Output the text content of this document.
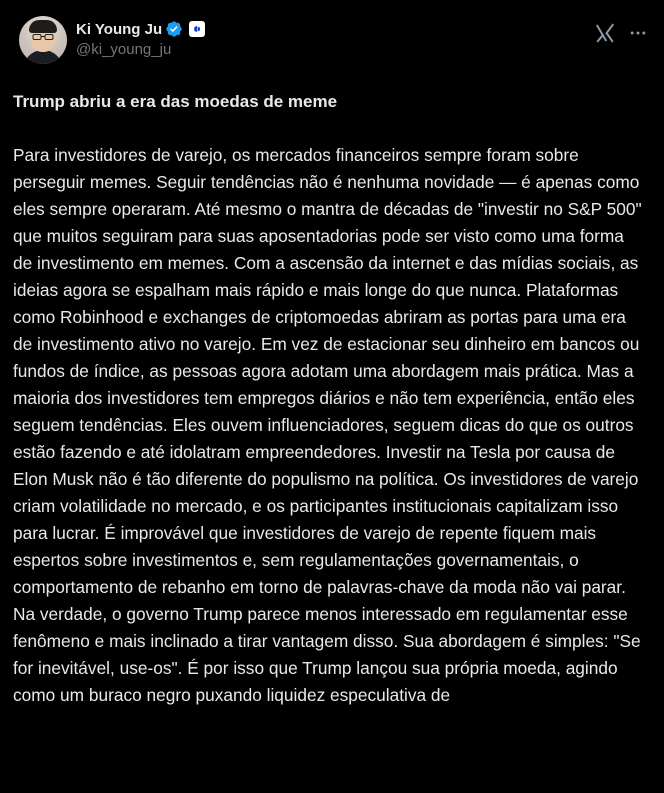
Ki Young Ju
@ki_young_ju

Trump abriu a era das moedas de meme

Para investidores de varejo, os mercados financeiros sempre foram sobre perseguir memes. Seguir tendências não é nenhuma novidade — é apenas como eles sempre operaram. Até mesmo o mantra de décadas de "investir no S&P 500" que muitos seguiram para suas aposentadorias pode ser visto como uma forma de investimento em memes. Com a ascensão da internet e das mídias sociais, as ideias agora se espalham mais rápido e mais longe do que nunca. Plataformas como Robinhood e exchanges de criptomoedas abriram as portas para uma era de investimento ativo no varejo. Em vez de estacionar seu dinheiro em bancos ou fundos de índice, as pessoas agora adotam uma abordagem mais prática. Mas a maioria dos investidores tem empregos diários e não tem experiência, então eles seguem tendências. Eles ouvem influenciadores, seguem dicas do que os outros estão fazendo e até idolatram empreendedores. Investir na Tesla por causa de Elon Musk não é tão diferente do populismo na política. Os investidores de varejo criam volatilidade no mercado, e os participantes institucionais capitalizam isso para lucrar. É improvável que investidores de varejo de repente fiquem mais espertos sobre investimentos e, sem regulamentações governamentais, o comportamento de rebanho em torno de palavras-chave da moda não vai parar. Na verdade, o governo Trump parece menos interessado em regulamentar esse fenômeno e mais inclinado a tirar vantagem disso. Sua abordagem é simples: "Se for inevitável, use-os". É por isso que Trump lançou sua própria moeda, agindo como um buraco negro puxando liquidez especulativa de
